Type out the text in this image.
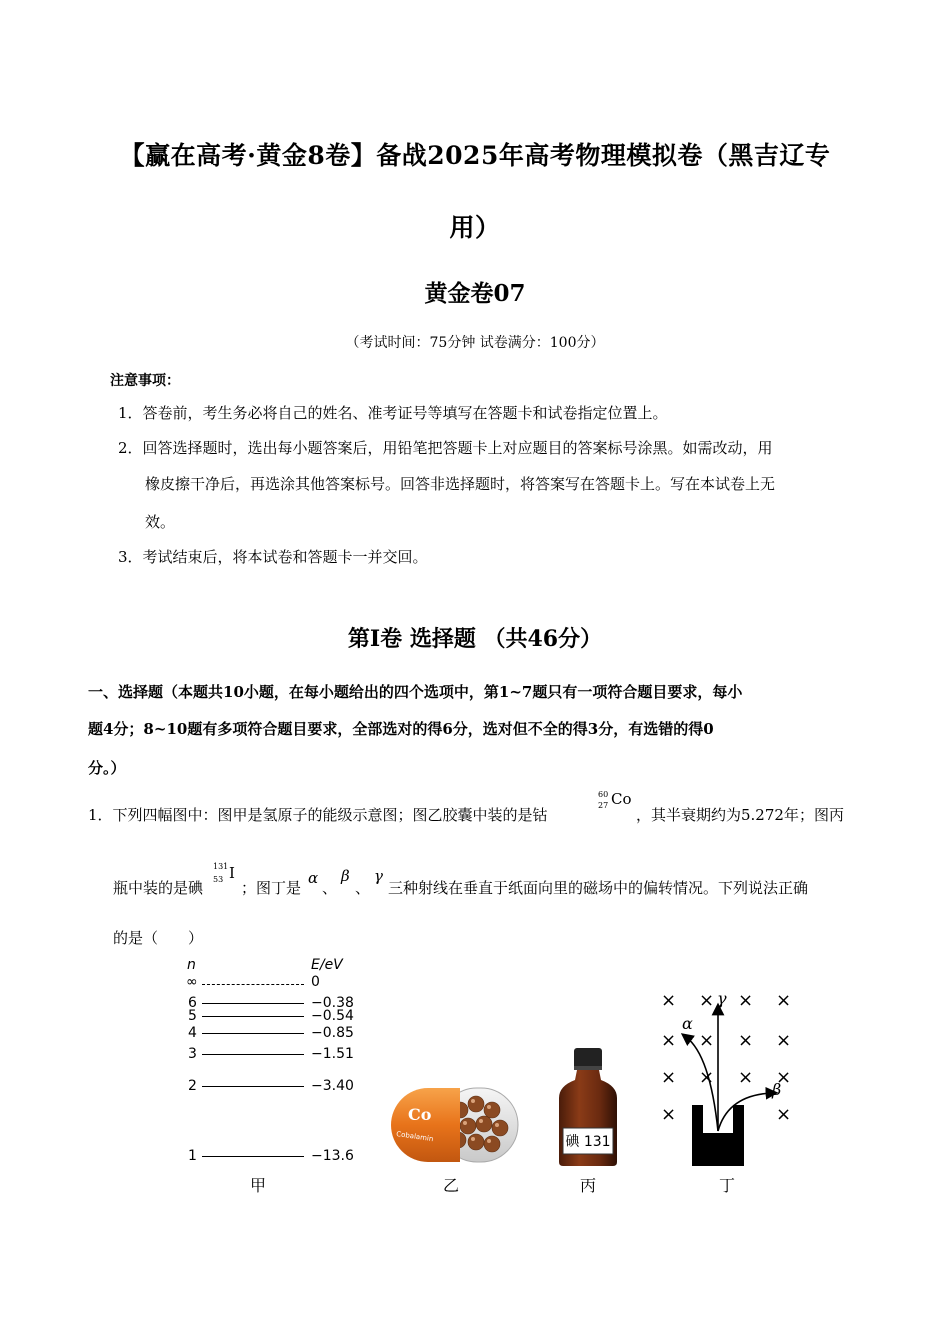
【赢在高考·黄金8卷】备战2025年高考物理模拟卷（黑吉辽专
用）
黄金卷07
（考试时间：75分钟 试卷满分：100分）
注意事项：
1．答卷前，考生务必将自己的姓名、准考证号等填写在答题卡和试卷指定位置上。
2．回答选择题时，选出每小题答案后，用铅笔把答题卡上对应题目的答案标号涂黑。如需改动，用
橡皮擦干净后，再选涂其他答案标号。回答非选择题时，将答案写在答题卡上。写在本试卷上无
效。
3．考试结束后，将本试卷和答题卡一并交回。
第Ⅰ卷 选择题 （共46分）
一、选择题（本题共10小题，在每小题给出的四个选项中，第1~7题只有一项符合题目要求，每小
题4分；8~10题有多项符合题目要求，全部选对的得6分，选对但不全的得3分，有选错的得0
分。）
1．下列四幅图中：图甲是氢原子的能级示意图；图乙胶囊中装的是钴
60
27 Co
，其半衰期约为5.272年；图丙
瓶中装的是碘
131
53 I
；图丁是
α
、
β
、
γ
三种射线在垂直于纸面向里的磁场中的偏转情况。下列说法正确
的是（　　）
n	E/eV
∞	0
6	−0.38
5	−0.54
4	−0.85
3	−1.51
2	−3.40
1	−13.6
甲
Co
Cobalamin
乙
碘 131
丙
× × × ×
× × × ×
× × × ×
×	×
α
γ
β
丁
